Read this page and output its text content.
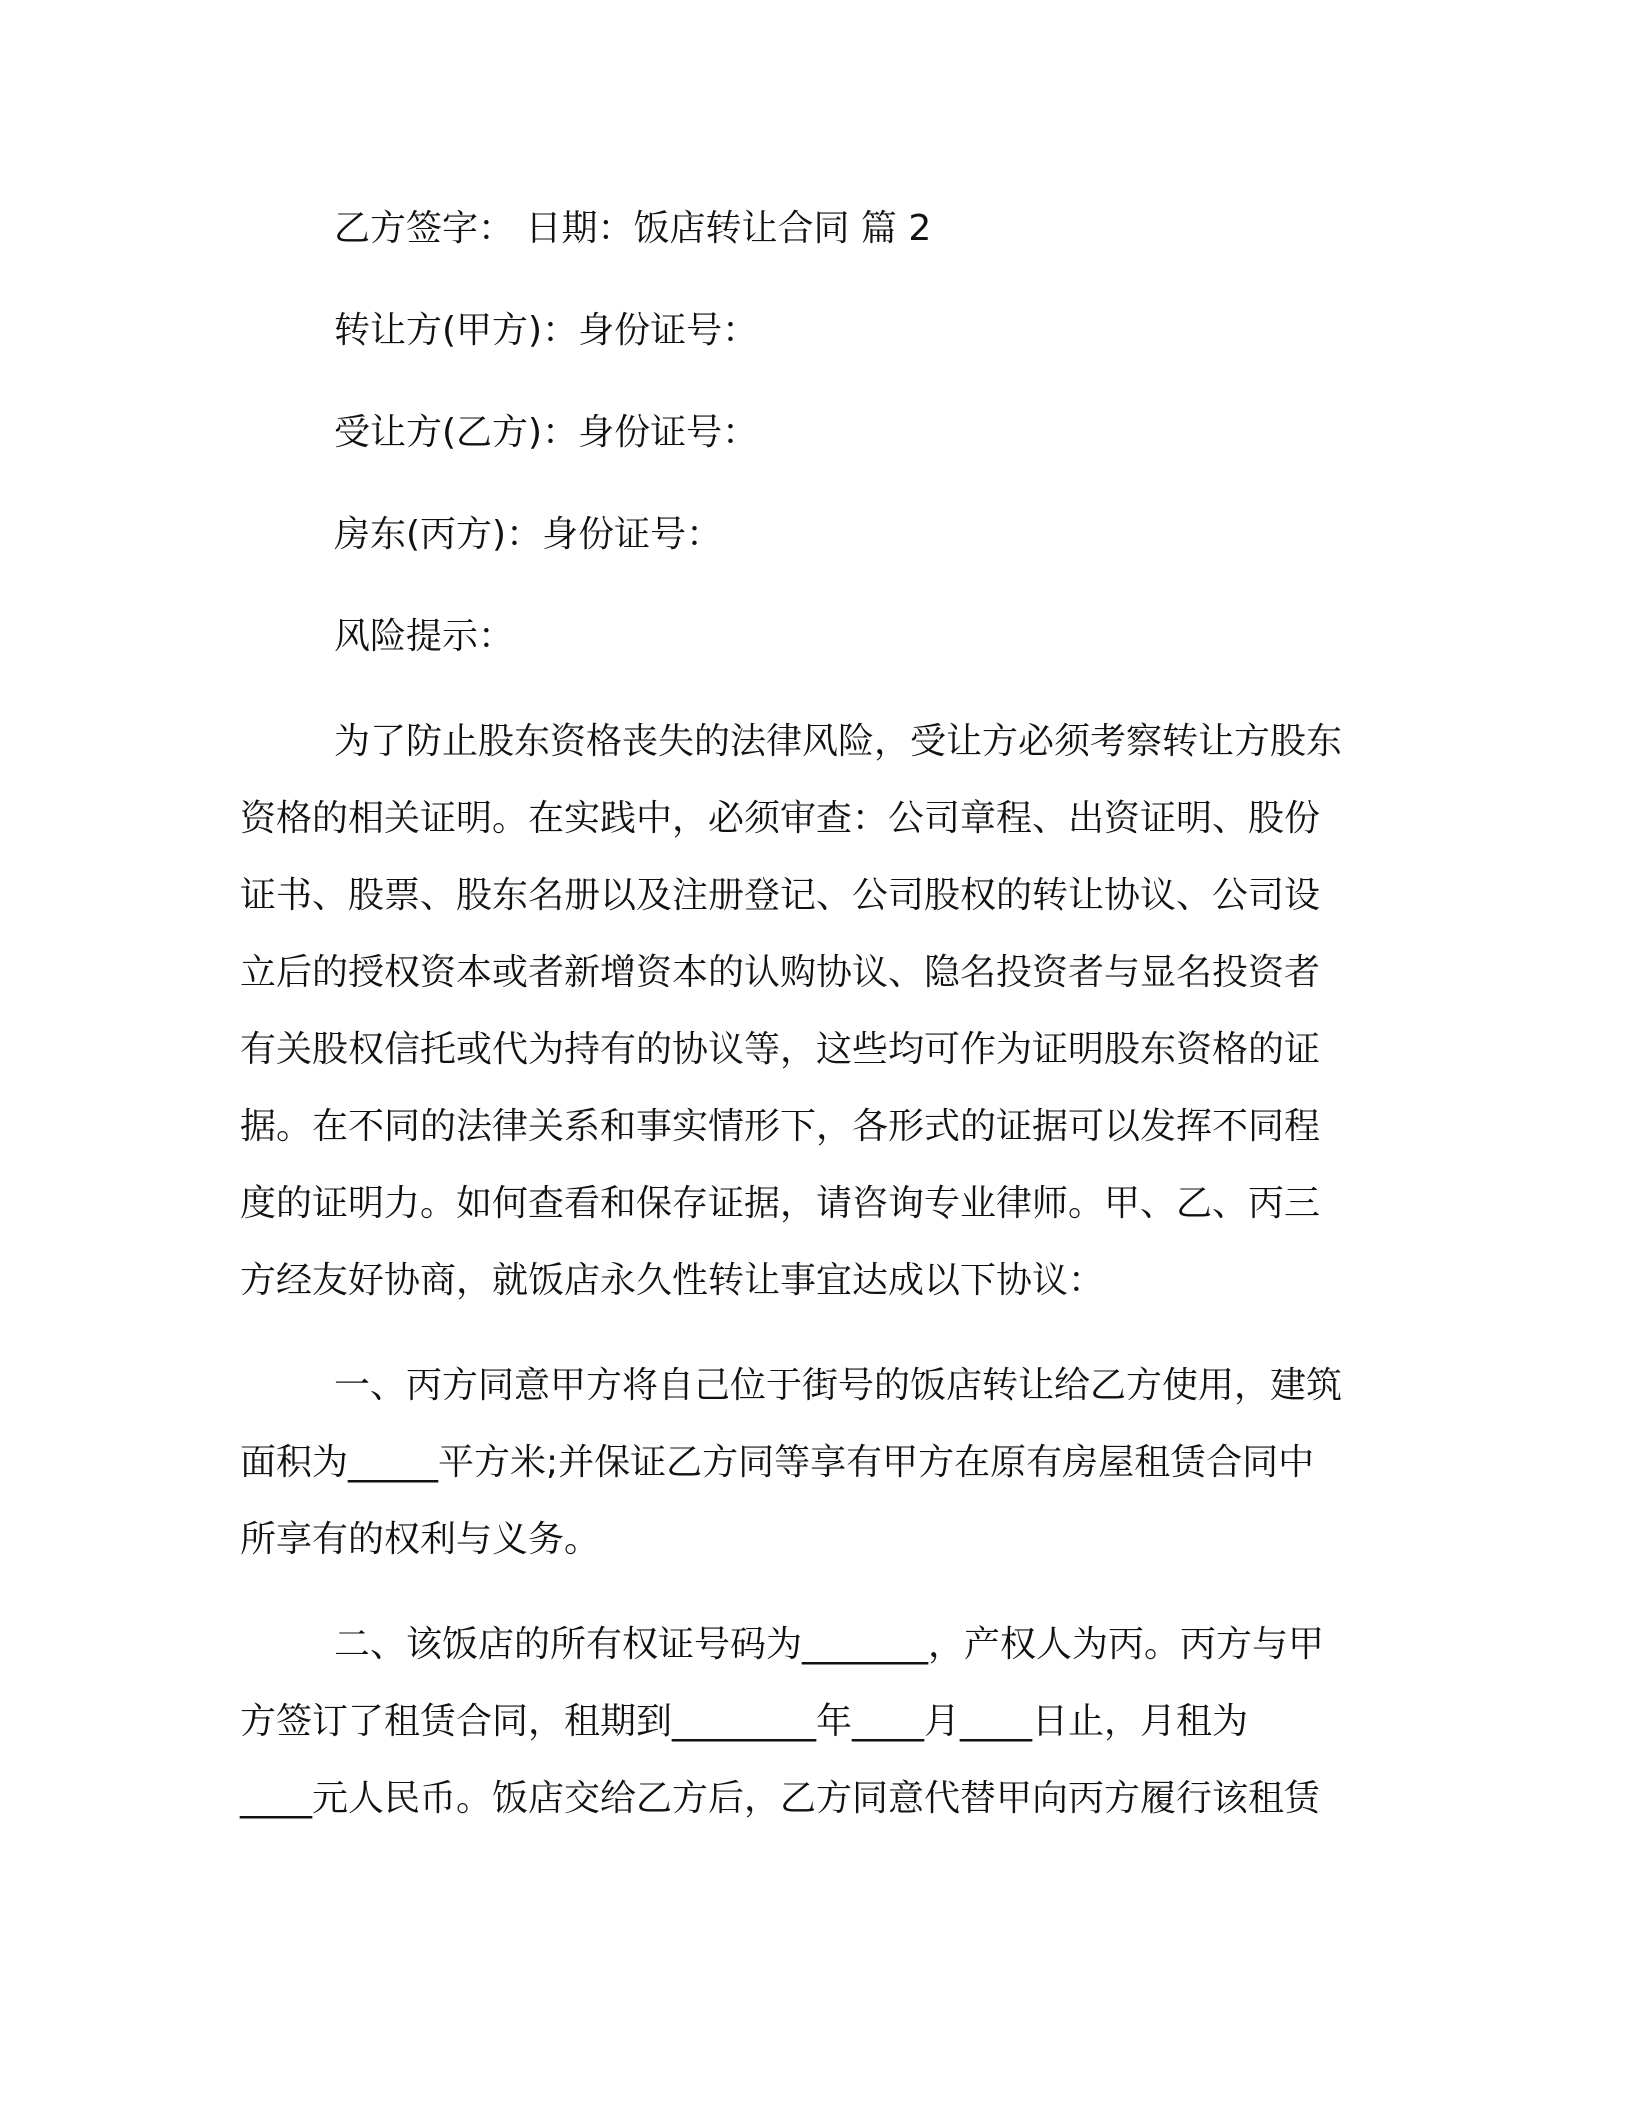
乙方签字： 日期：饭店转让合同 篇 2
转让方(甲方)：身份证号：
受让方(乙方)：身份证号：
房东(丙方)：身份证号：
风险提示：
为了防止股东资格丧失的法律风险，受让方必须考察转让方股东
资格的相关证明。在实践中，必须审查：公司章程、出资证明、股份
证书、股票、股东名册以及注册登记、公司股权的转让协议、公司设
立后的授权资本或者新增资本的认购协议、隐名投资者与显名投资者
有关股权信托或代为持有的协议等，这些均可作为证明股东资格的证
据。在不同的法律关系和事实情形下，各形式的证据可以发挥不同程
度的证明力。如何查看和保存证据，请咨询专业律师。甲、乙、丙三
方经友好协商，就饭店永久性转让事宜达成以下协议：
一、丙方同意甲方将自己位于街号的饭店转让给乙方使用，建筑
面积为_____平方米;并保证乙方同等享有甲方在原有房屋租赁合同中
所享有的权利与义务。
二、该饭店的所有权证号码为_______，产权人为丙。丙方与甲
方签订了租赁合同，租期到________年____月____日止，月租为
____元人民币。饭店交给乙方后，乙方同意代替甲向丙方履行该租赁
